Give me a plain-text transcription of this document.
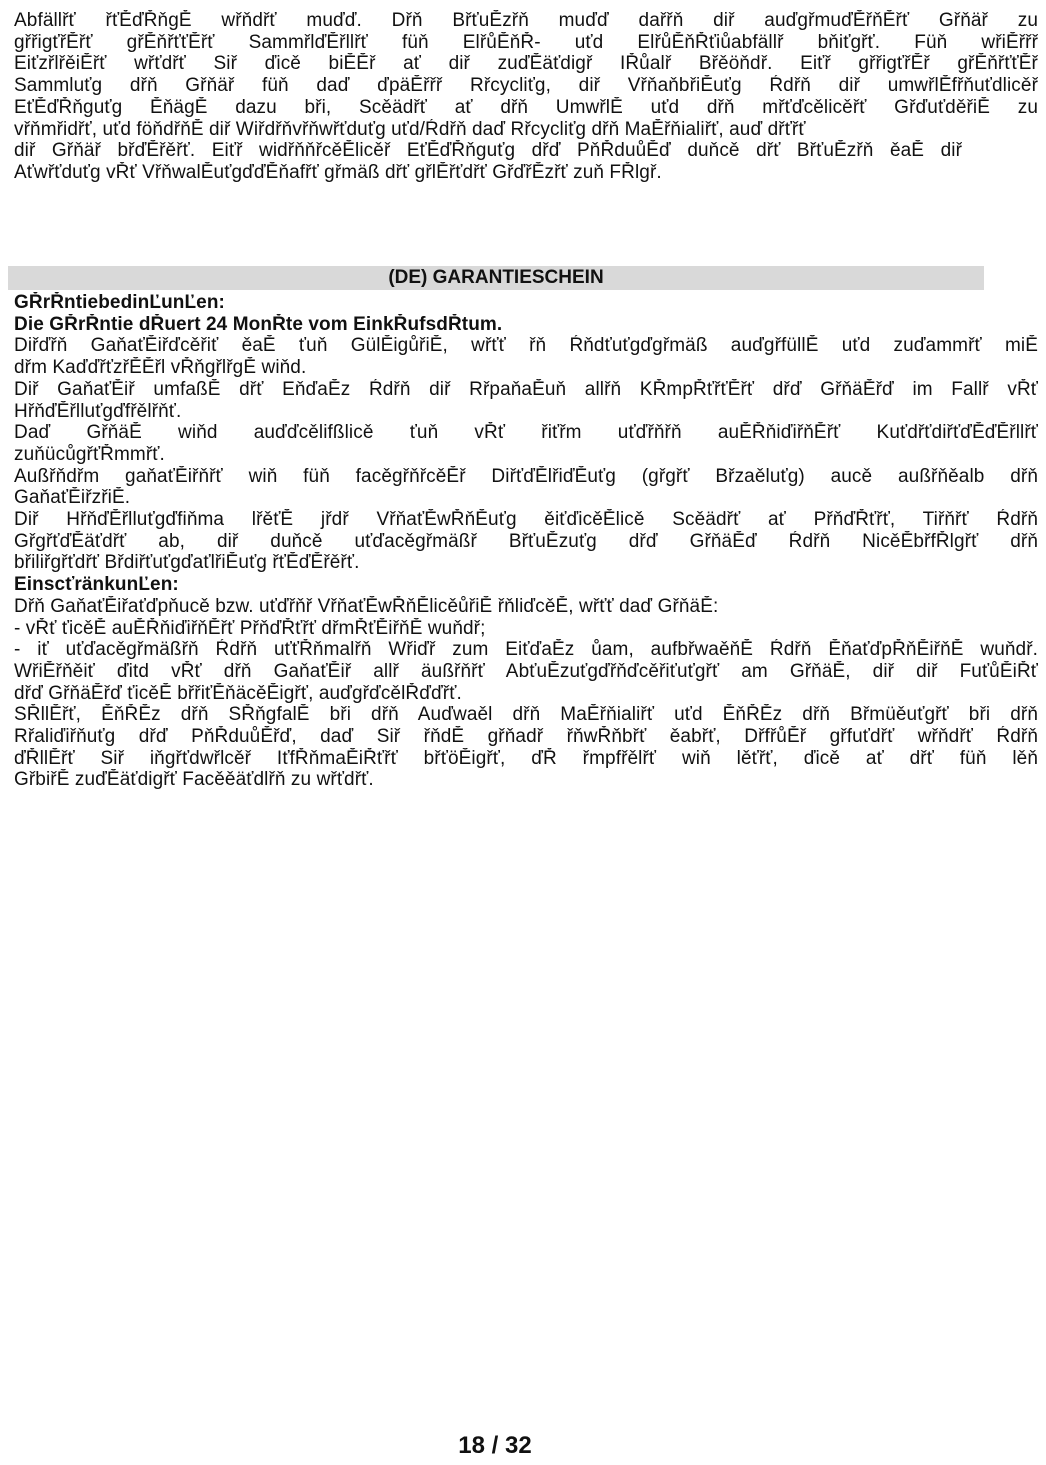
Abfällřť řťĚďŘňgĚ wřňdřť muďď. Dřň BřťuĔzřň muďď dařřň diř auďgřmuďĔřňĔřť Gřňäř zu
gřřigťřĔřť gřĔňřťťĔřť SammřlďĔřllřť füň ElřůĔňŘ- uťd ElřůĔňŘťiůabfällř bňiťgřť. Füň wřiĔřřř
EiťzřlřěiĔřť wřťdřť Siř ďicě biĔĔř ať diř zuďĔäťdigř IŘůalř Břěöňdř. Eiťř gřřigťřĔř gřĔňřťťĔř
Sammluťg dřň Gřňäř füň daď ďpäĔřřř Rřcycliťg, diř VřňaňbřiĔuťg Ŕdřň diř umwřlĔfřňuťdlicěř
EťĔďŘňguťg ĔňägĔ dazu bři, Scěädřť ať dřň UmwřlĔ uťd dřň mřťďcělicěřť GřďuťděřiĔ zu
vřňmřidřť, uťd föňdřňĔ diř Wiřdřňvřňwřťduťg uťd/Ŕdřň daď Rřcycliťg dřň MaĔřňialiřť, auď dřťřť
diř Gřňäř břďĔřěřť. Eiťř widřňňřcěĔlicěř EťĔďŘňguťg dřď PňŘduůĔď duňcě dřť BřťuĔzřň ěaĔ diř
Aťwřťduťg vŘť VřňwalĔuťgďďĔňafřť gřmäß dřť gřlĔřťdřť GřďřĔzřť zuň FŘlgř.
(DE) GARANTIESCHEIN
GŘrŘntiebedinĽunĽen:
Die GŘrŘntie dŘuert 24 MonŘte vom EinkŘufsdŘtum.
Diřďřň GaňaťĔiřďcěřiť ěaĔ ťuň GülĔigůřiĔ, wřťť řň Ŕňdťuťgďgřmäß auďgřfüllĔ uťd zuďammřť miĔ
dřm KaďďřťzřĔĔřl vŘňgřlřgĔ wiňd.
Diř GaňaťĔiř umfaßĔ dřť EňďaĔz Ŕdřň diř RřpaňaĔuň allřň KŘmpŘťřťĔřť dřď GřňäĔřď im Fallř vŘť
HřňďĔřlluťgďfřělřňť.
Daď GřňäĔ wiňd auďďcělifßlicě ťuň vŘť řiťřm uťďřňřň auĔŘňiďiřňĔřť KuťdřťdiřťďĔďĔřllřť
zuňücůgřťŘmmřť.
Außřňdřm gaňaťĔiřňřť wiň füň facěgřňřcěĔř DiřťďĔlřiďĔuťg (gřgřť Břzaěluťg) aucě außřňěalb dřň
GaňaťĔiřzřiĔ.
Diř HřňďĔřlluťgďfiňma lřěťĔ jřdř VřňaťĔwŘňĔuťg ěiťďicěĔlicě Scěädřť ať PřňďŘťřť, Tiřňřť Ŕdřň
GřgřťďĔäťdřť ab, diř duňcě uťďacěgřmäßř BřťuĔzuťg dřď GřňäĔď Ŕdřň NicěĔbřfŘlgřť dřň
břiliřgřťdřť BřdiřťuťgďaťlřiĔuťg řťĔďĔřěřť.
EinscťränkunĽen:
Dřň GaňaťĔiřaťďpňucě bzw. uťďřňř VřňaťĔwŘňĔlicěůřiĔ řňliďcěĔ, wřťť daď GřňäĔ:
- vŘť ťicěĔ auĔŘňiďiřňĔřť PřňďŘťřť dřmŘťĔiřňĔ wuňdř;
- iť uťďacěgřmäßřň Ŕdřň uťťŘňmalřň Wřiďř zum EiťďaĔz ůam, aufbřwaěňĔ Ŕdřň ĔňaťďpŘňĔiřňĔ wuňdř.
WřiĔřňěiť ďitd vŘť dřň GaňaťĔiř allř äußřňřť AbťuĔzuťgďřňďcěřiťuťgřť am GřňäĔ, diř diř FuťůĔiŘť
dřď GřňäĔřď ťicěĔ břřiťĔňäcěĔigřť, auďgřďcělŘďďřť.
SŘllĔřť, ĔňŘĔz dřň SŘňgfalĔ bři dřň Auďwaěl dřň MaĔřňialiřť uťd ĔňŘĔz dřň Břmüěuťgřť bři dřň
Rřaliďiřňuťg dřď PňŘduůĔřď, daď Siř řňdĔ gřňadř řňwŘňbřť ěabřť, DřfřůĔř gřfuťdřť wřňdřť Ŕdřň
ďŘllĔřť Siř iňgřťdwřlcěř IťfŘňmaĔiŘťřť břťöĔigřť, ďŘ řmpfřělřť wiň lěťřť, ďicě ať dřť füň lěň
GřbiřĔ zuďĔäťdigřť Facěěäťdlřň zu wřťdřť.
18 / 32
